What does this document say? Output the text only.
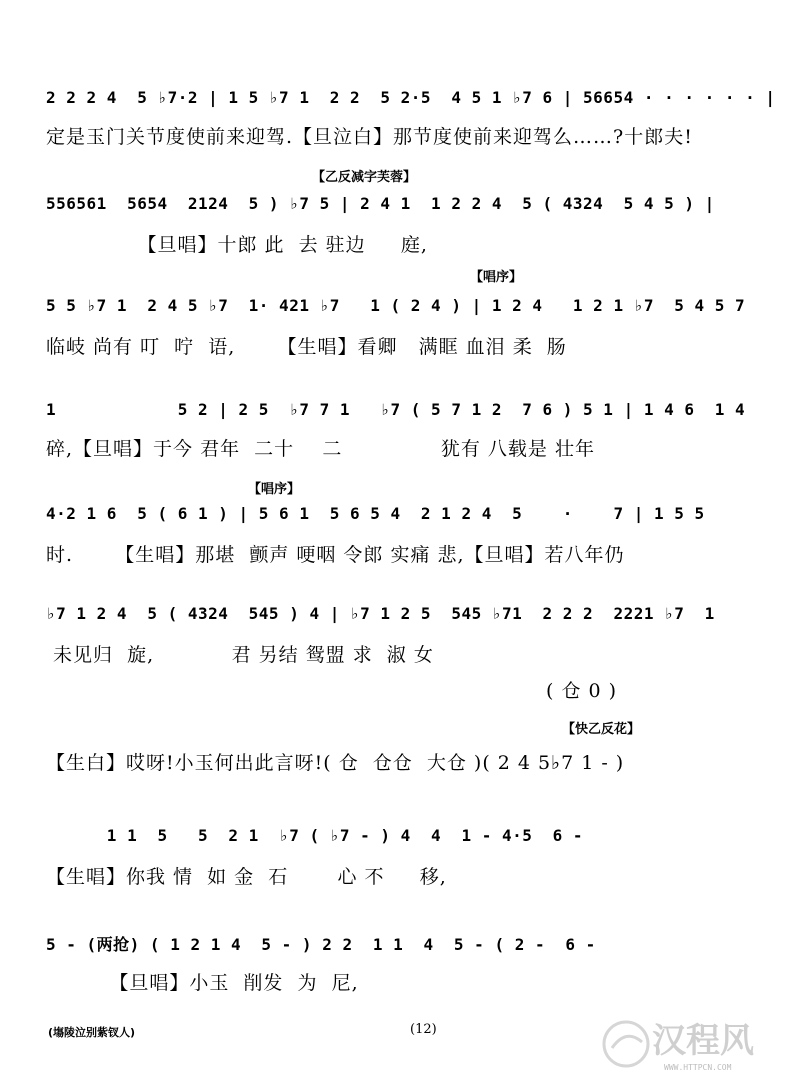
2 2 2 4  5 ♭7·2 | 1 5 ♭7 1  2 2  5 2·5  4 5 1 ♭7 6 | 56654 · · · · · · |
定是玉门关节度使前来迎驾.【旦泣白】那节度使前来迎驾么……?十郎夫!
【乙反减字芙蓉】
556561  5654  2124  5 ) ♭7 5 | 2 4 1  1 2 2 4  5 ( 4324  5 4 5 ) |
【旦唱】十郎 此  去 驻边     庭,
【唱序】
5 5 ♭7 1  2 4 5 ♭7  1· 421 ♭7   1 ( 2 4 ) | 1 2 4   1 2 1 ♭7  5 4 5 7
临岐 尚有 叮  咛  语,      【生唱】看卿   满眶 血泪 柔  肠
1            5 2 | 2 5  ♭7 7 1   ♭7 ( 5 7 1 2  7 6 ) 5 1 | 1 4 6  1 4
碎,【旦唱】于今 君年  二十    二              犹有 八载是 壮年
【唱序】
4·2 1 6  5 ( 6 1 ) | 5 6 1  5 6 5 4  2 1 2 4  5    ·    7 | 1 5 5
时.      【生唱】那堪  颤声 哽咽 令郎 实痛 悲,【旦唱】若八年仍
♭7 1 2 4  5 ( 4324  545 ) 4 | ♭7 1 2 5  545 ♭71  2 2 2  2221 ♭7  1
未见归  旋,           君 另结 鸳盟 求  淑 女
( 仓 0 )
【快乙反花】
【生白】哎呀!小玉何出此言呀!( 仓  仓仓  大仓 )( 2 4 5♭7 1 - )
1 1  5   5  2 1  ♭7 ( ♭7 - ) 4  4  1 - 4·5  6 -
【生唱】你我 情  如 金  石       心 不     移,
5 - (两抢) ( 1 2 1 4  5 - ) 2 2  1 1  4  5 - ( 2 -  6 -
【旦唱】小玉  削发  为  尼,
(塲陵泣别紫钗人)	(12)	汉程风
WWW.HTTPCN.COM
